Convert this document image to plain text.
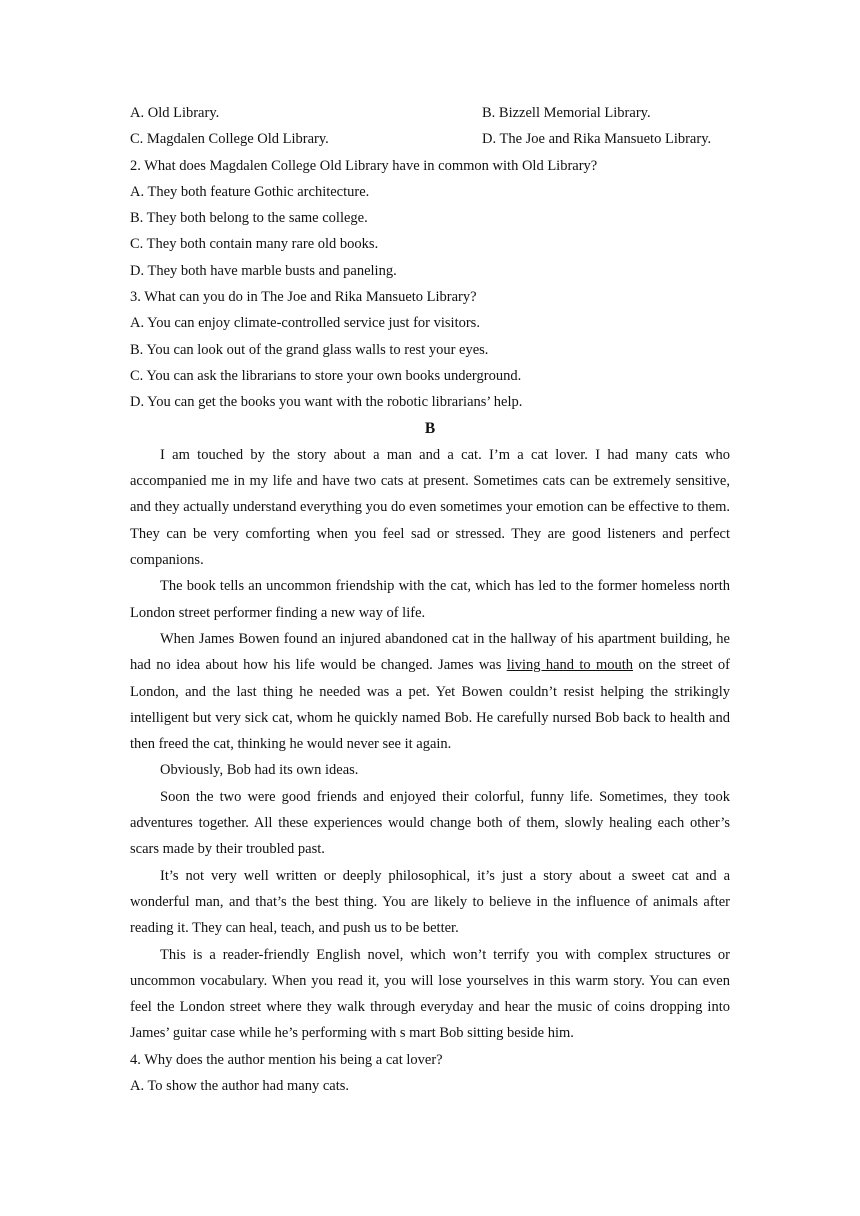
A. Old Library.	B. Bizzell Memorial Library.
C. Magdalen College Old Library.	D. The Joe and Rika Mansueto Library.
2. What does Magdalen College Old Library have in common with Old Library?
A. They both feature Gothic architecture.
B. They both belong to the same college.
C. They both contain many rare old books.
D. They both have marble busts and paneling.
3. What can you do in The Joe and Rika Mansueto Library?
A. You can enjoy climate-controlled service just for visitors.
B. You can look out of the grand glass walls to rest your eyes.
C. You can ask the librarians to store your own books underground.
D. You can get the books you want with the robotic librarians’ help.
B

I am touched by the story about a man and a cat. I’m a cat lover. I had many cats who accompanied me in my life and have two cats at present. Sometimes cats can be extremely sensitive, and they actually understand everything you do even sometimes your emotion can be effective to them. They can be very comforting when you feel sad or stressed. They are good listeners and perfect companions.

The book tells an uncommon friendship with the cat, which has led to the former homeless north London street performer finding a new way of life.

When James Bowen found an injured abandoned cat in the hallway of his apartment building, he had no idea about how his life would be changed. James was living hand to mouth on the street of London, and the last thing he needed was a pet. Yet Bowen couldn’t resist helping the strikingly intelligent but very sick cat, whom he quickly named Bob. He carefully nursed Bob back to health and then freed the cat, thinking he would never see it again.

Obviously, Bob had its own ideas.

Soon the two were good friends and enjoyed their colorful, funny life. Sometimes, they took adventures together. All these experiences would change both of them, slowly healing each other’s scars made by their troubled past.

It’s not very well written or deeply philosophical, it’s just a story about a sweet cat and a wonderful man, and that’s the best thing. You are likely to believe in the influence of animals after reading it. They can heal, teach, and push us to be better.

This is a reader-friendly English novel, which won’t terrify you with complex structures or uncommon vocabulary. When you read it, you will lose yourselves in this warm story. You can even feel the London street where they walk through everyday and hear the music of coins dropping into James’ guitar case while he’s performing with s mart Bob sitting beside him.

4. Why does the author mention his being a cat lover?
A. To show the author had many cats.
